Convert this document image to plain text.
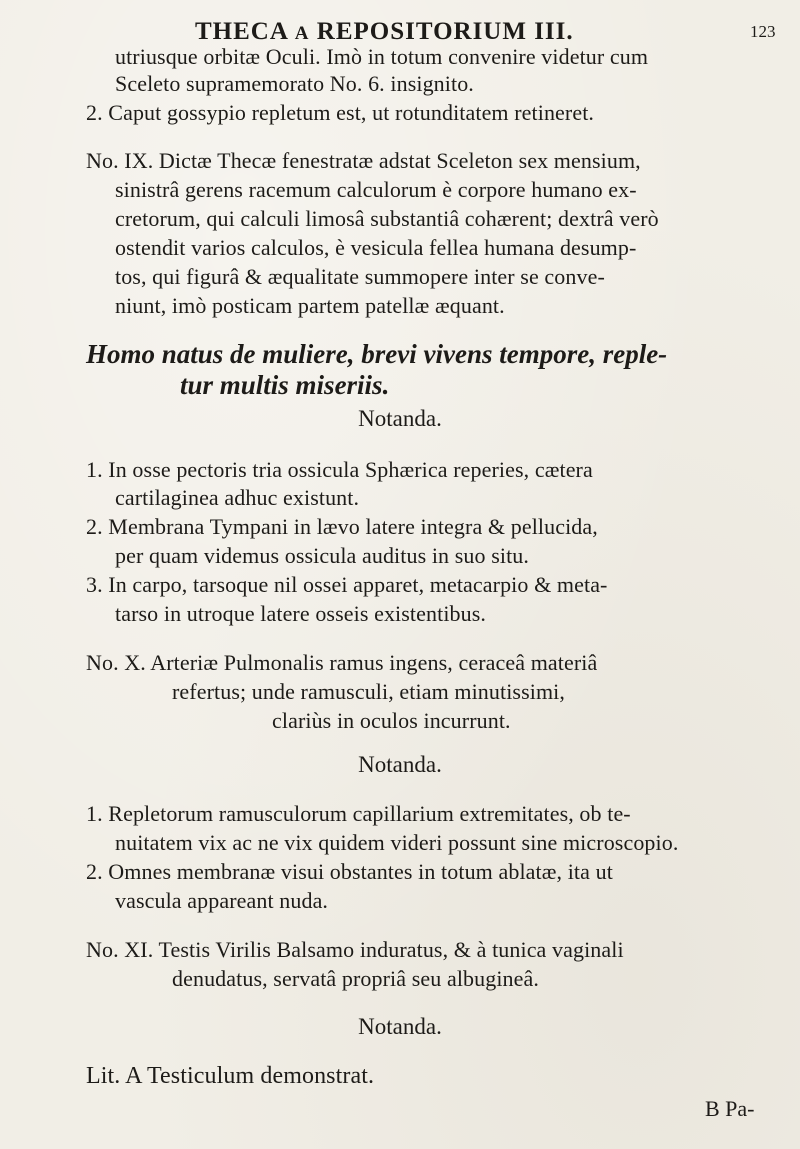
THECA A REPOSITORIUM III.	123
utriusque orbitæ Oculi. Imò in totum convenire videtur cum
Sceleto supramemorato No. 6. insignito.
2. Caput gossypio repletum est, ut rotunditatem retineret.
No. IX. Dictæ Thecæ fenestratæ adstat Sceleton sex mensium,
sinistrâ gerens racemum calculorum è corpore humano ex-
cretorum, qui calculi limosâ substantiâ cohærent; dextrâ verò
ostendit varios calculos, è vesicula fellea humana desump-
tos, qui figurâ & æqualitate summopere inter se conve-
niunt, imò posticam partem patellæ æquant.
Homo natus de muliere, brevi vivens tempore, reple-
tur multis miseriis.
Notanda.
1. In osse pectoris tria ossicula Sphærica reperies, cætera
cartilaginea adhuc existunt.
2. Membrana Tympani in lævo latere integra & pellucida,
per quam videmus ossicula auditus in suo situ.
3. In carpo, tarsoque nil ossei apparet, metacarpio & meta-
tarso in utroque latere osseis existentibus.
No. X. Arteriæ Pulmonalis ramus ingens, ceraceâ materiâ
refertus; unde ramusculi, etiam minutissimi,
clariùs in oculos incurrunt.
Notanda.
1. Repletorum ramusculorum capillarium extremitates, ob te-
nuitatem vix ac ne vix quidem videri possunt sine microscopio.
2. Omnes membranæ visui obstantes in totum ablatæ, ita ut
vascula appareant nuda.
No. XI. Testis Virilis Balsamo induratus, & à tunica vaginali
denudatus, servatâ propriâ seu albugineâ.
Notanda.
Lit. A Testiculum demonstrat.
B Pa-
